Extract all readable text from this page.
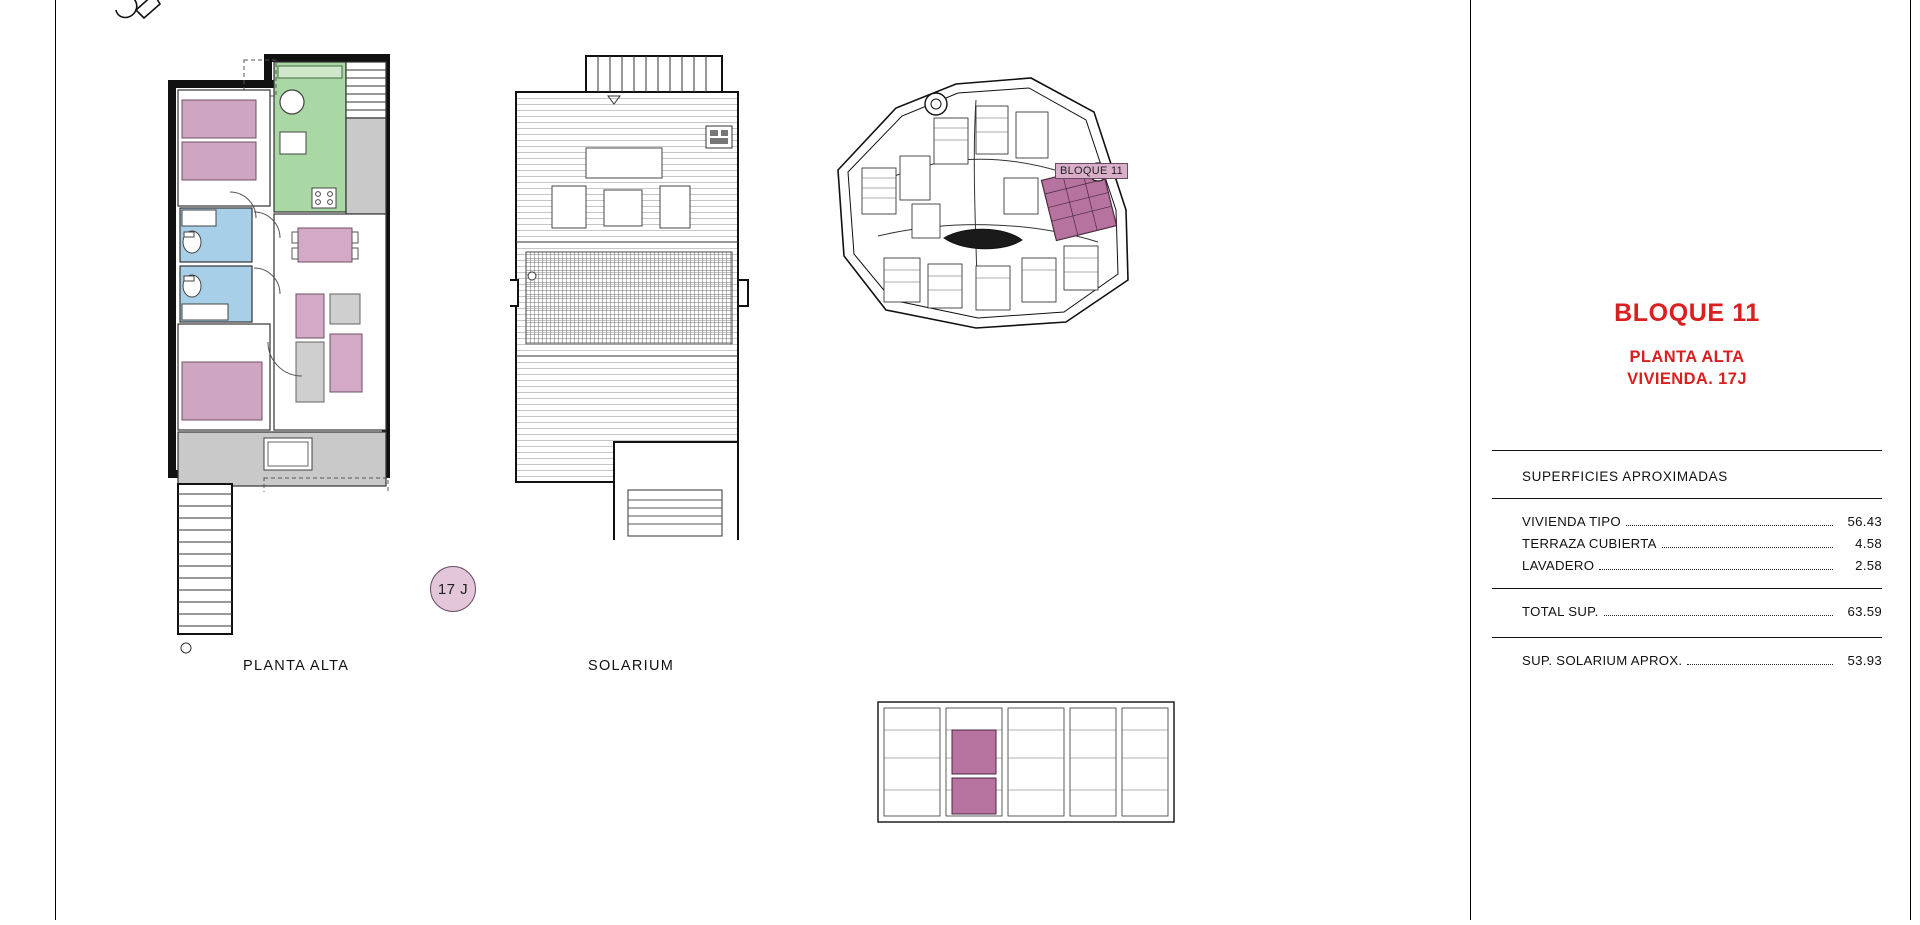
BLOQUE 11
PLANTA ALTA	SOLARIUM
17 J
BLOQUE 11
PLANTA ALTA
VIVIENDA. 17J
SUPERFICIES APROXIMADAS
VIVIENDA TIPO	56.43
TERRAZA CUBIERTA	4.58
LAVADERO	2.58
TOTAL SUP.	63.59
SUP. SOLARIUM APROX.	53.93
